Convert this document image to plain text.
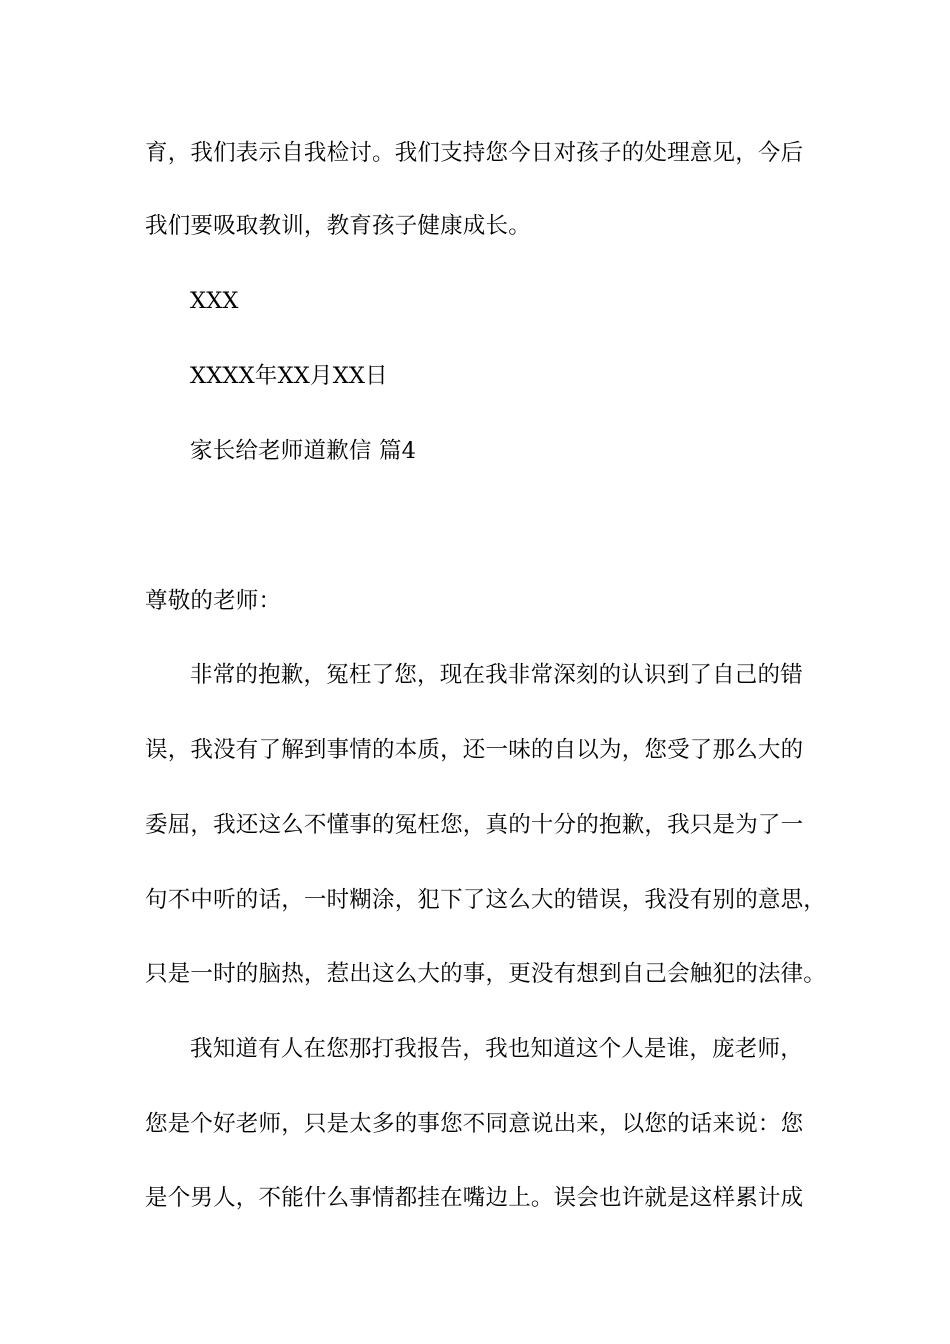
育，我们表示自我检讨。我们支持您今日对孩子的处理意见，今后
我们要吸取教训，教育孩子健康成长。
XXX
XXXX年XX月XX日
家长给老师道歉信 篇4
尊敬的老师：
非常的抱歉，冤枉了您，现在我非常深刻的认识到了自己的错
误，我没有了解到事情的本质，还一味的自以为，您受了那么大的
委屈，我还这么不懂事的冤枉您，真的十分的抱歉，我只是为了一
句不中听的话，一时糊涂，犯下了这么大的错误，我没有别的意思，
只是一时的脑热，惹出这么大的事，更没有想到自己会触犯的法律。
我知道有人在您那打我报告，我也知道这个人是谁，庞老师，
您是个好老师，只是太多的事您不同意说出来，以您的话来说：您
是个男人，不能什么事情都挂在嘴边上。误会也许就是这样累计成
